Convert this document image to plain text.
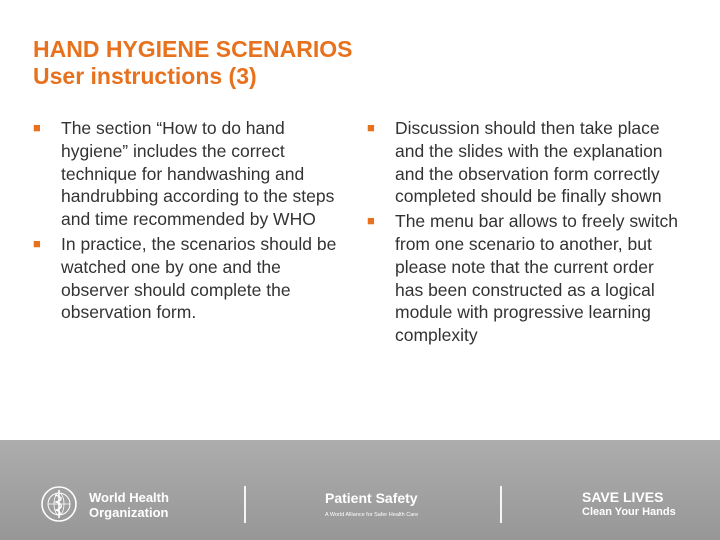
HAND HYGIENE SCENARIOS
User instructions (3)
■	The section “How to do hand hygiene” includes the correct technique for handwashing and handrubbing according to the steps and time recommended by WHO
■	In practice, the scenarios should be watched one by one and the observer should complete the observation form.
■	Discussion should then take place and the slides with the explanation and the observation form correctly completed should be finally shown
■	The menu bar allows to freely switch from one scenario to another, but please note that the current order has been constructed as a logical module with progressive learning complexity
World Health
Organization
Patient Safety
A World Alliance for Safer Health Care
SAVE LIVES
Clean Your Hands
